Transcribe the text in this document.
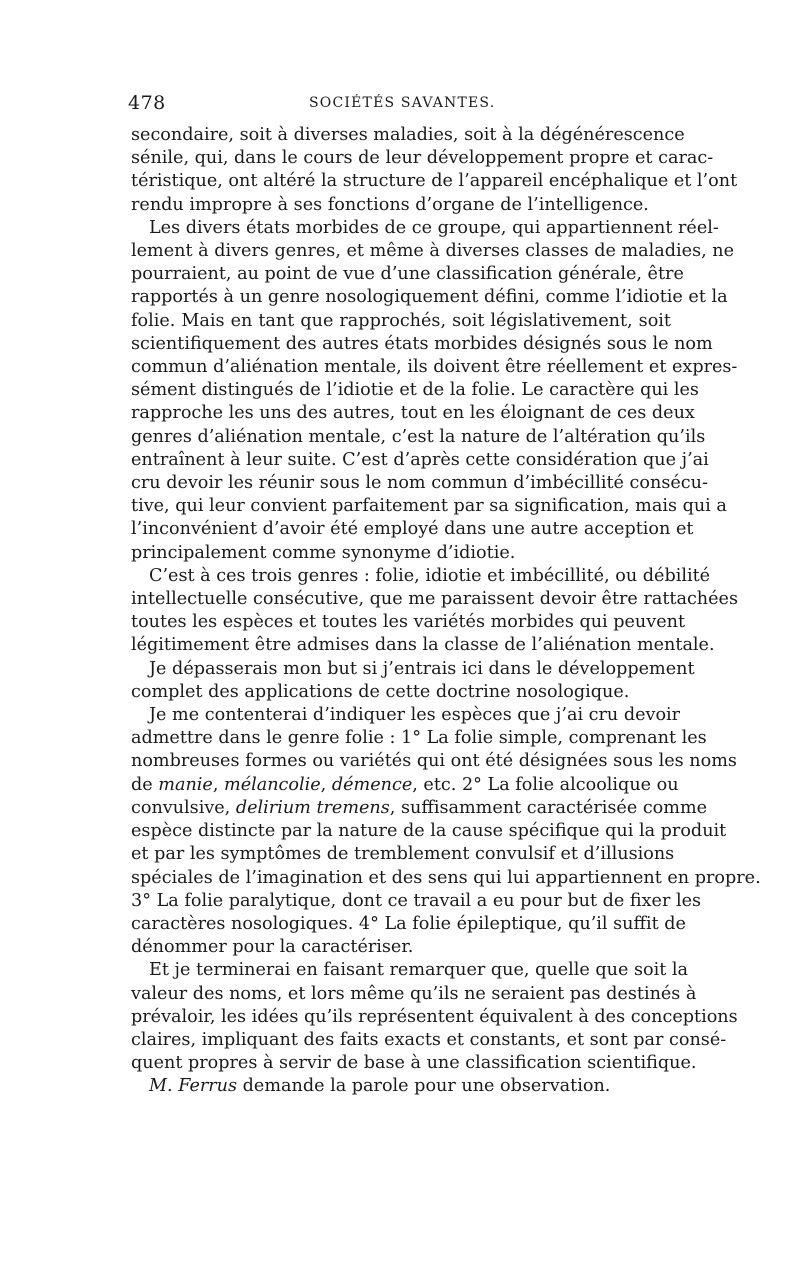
478	SOCIÉTÉS SAVANTES.

secondaire, soit à diverses maladies, soit à la dégénérescence
sénile, qui, dans le cours de leur développement propre et carac-
téristique, ont altéré la structure de l’appareil encéphalique et l’ont
rendu impropre à ses fonctions d’organe de l’intelligence.

Les divers états morbides de ce groupe, qui appartiennent réel-
lement à divers genres, et même à diverses classes de maladies, ne
pourraient, au point de vue d’une classification générale, être
rapportés à un genre nosologiquement défini, comme l’idiotie et la
folie. Mais en tant que rapprochés, soit législativement, soit
scientifiquement des autres états morbides désignés sous le nom
commun d’aliénation mentale, ils doivent être réellement et expres-
sément distingués de l’idiotie et de la folie. Le caractère qui les
rapproche les uns des autres, tout en les éloignant de ces deux
genres d’aliénation mentale, c’est la nature de l’altération qu’ils
entraînent à leur suite. C’est d’après cette considération que j’ai
cru devoir les réunir sous le nom commun d’imbécillité consécu-
tive, qui leur convient parfaitement par sa signification, mais qui a
l’inconvénient d’avoir été employé dans une autre acception et
principalement comme synonyme d’idiotie.

C’est à ces trois genres : folie, idiotie et imbécillité, ou débilité
intellectuelle consécutive, que me paraissent devoir être rattachées
toutes les espèces et toutes les variétés morbides qui peuvent
légitimement être admises dans la classe de l’aliénation mentale.

Je dépasserais mon but si j’entrais ici dans le développement
complet des applications de cette doctrine nosologique.

Je me contenterai d’indiquer les espèces que j’ai cru devoir
admettre dans le genre folie : 1° La folie simple, comprenant les
nombreuses formes ou variétés qui ont été désignées sous les noms
de manie, mélancolie, démence, etc. 2° La folie alcoolique ou
convulsive, delirium tremens, suffisamment caractérisée comme
espèce distincte par la nature de la cause spécifique qui la produit
et par les symptômes de tremblement convulsif et d’illusions
spéciales de l’imagination et des sens qui lui appartiennent en propre.
3° La folie paralytique, dont ce travail a eu pour but de fixer les
caractères nosologiques. 4° La folie épileptique, qu’il suffit de
dénommer pour la caractériser.

Et je terminerai en faisant remarquer que, quelle que soit la
valeur des noms, et lors même qu’ils ne seraient pas destinés à
prévaloir, les idées qu’ils représentent équivalent à des conceptions
claires, impliquant des faits exacts et constants, et sont par consé-
quent propres à servir de base à une classification scientifique.

M. Ferrus demande la parole pour une observation.
